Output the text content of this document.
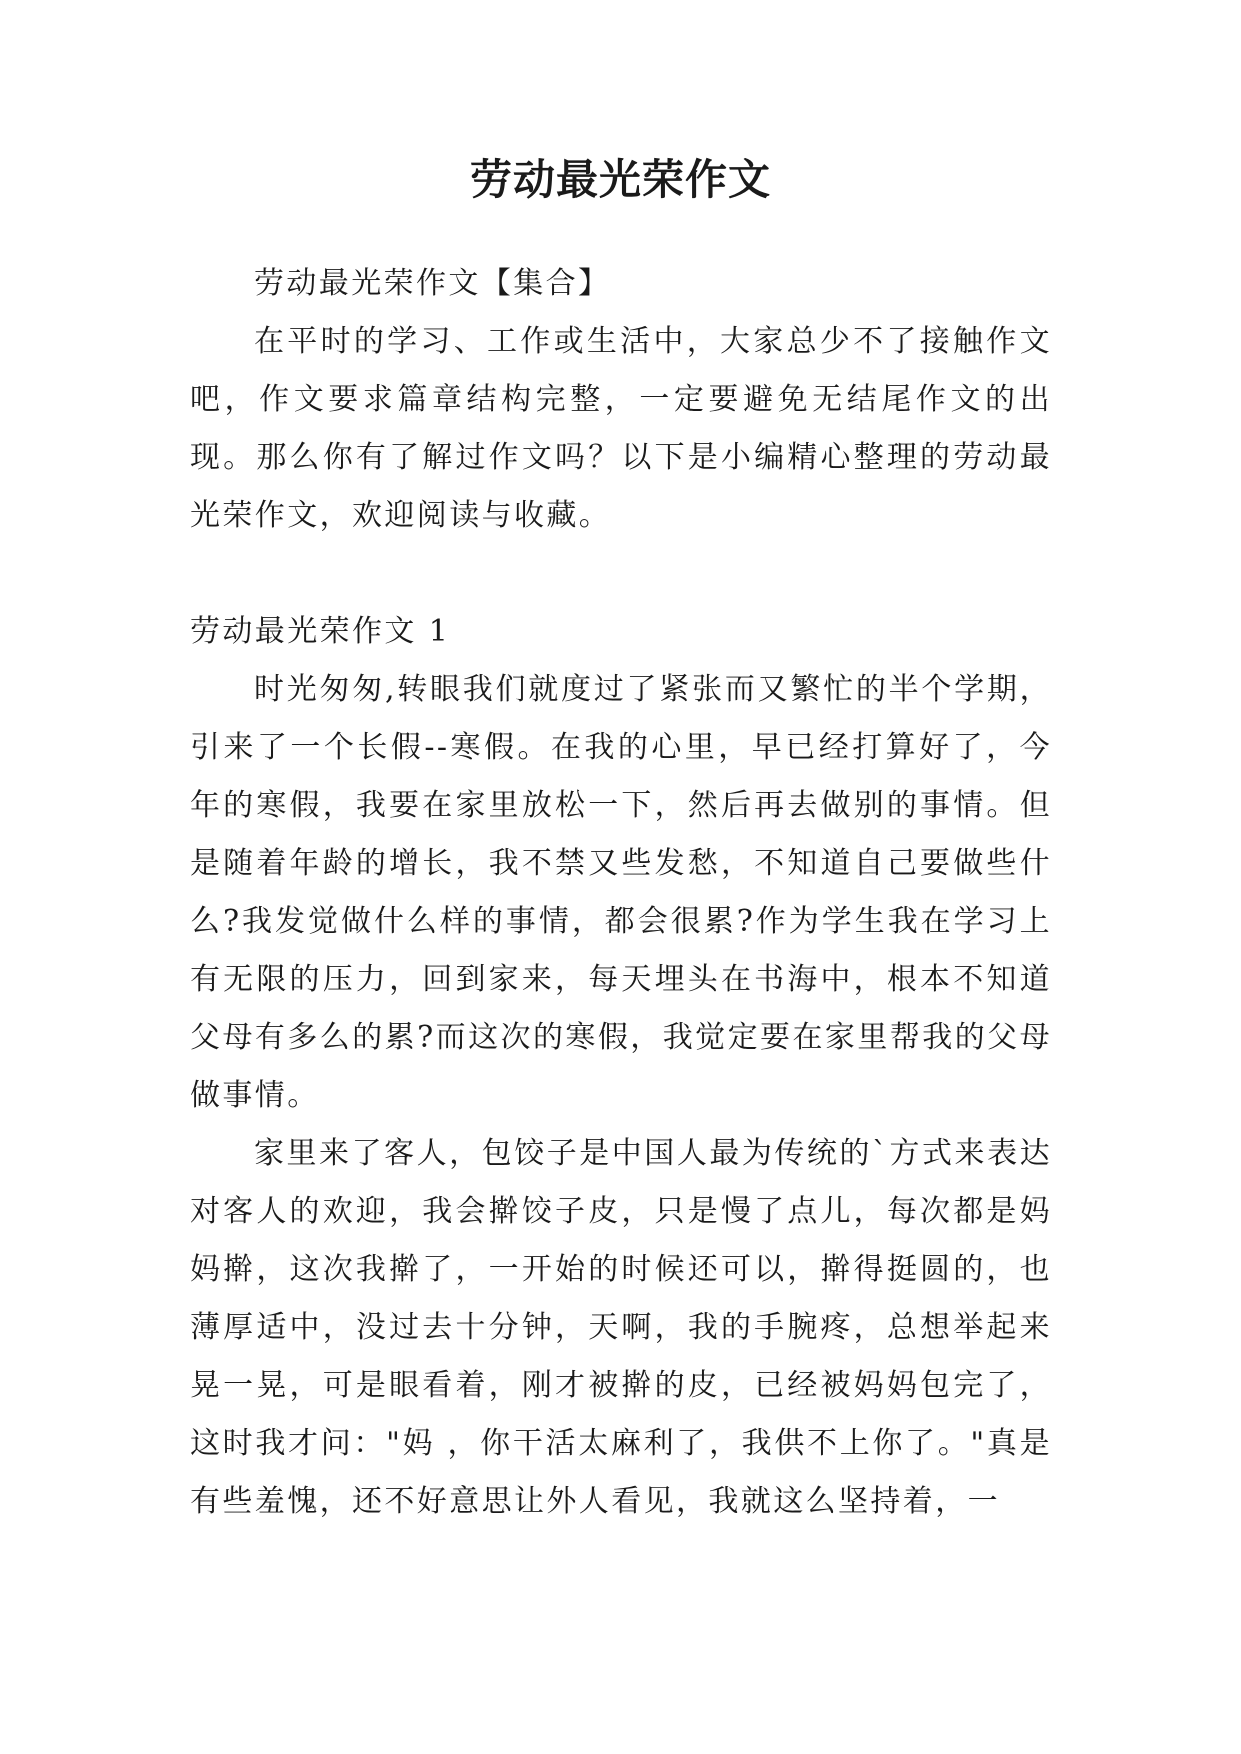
劳动最光荣作文

劳动最光荣作文【集合】

在平时的学习、工作或生活中，大家总少不了接触作文吧，作文要求篇章结构完整，一定要避免无结尾作文的出现。那么你有了解过作文吗？以下是小编精心整理的劳动最光荣作文，欢迎阅读与收藏。

劳动最光荣作文 1

时光匆匆,转眼我们就度过了紧张而又繁忙的半个学期，引来了一个长假--寒假。在我的心里，早已经打算好了，今年的寒假，我要在家里放松一下，然后再去做别的事情。但是随着年龄的增长，我不禁又些发愁，不知道自己要做些什么?我发觉做什么样的事情，都会很累?作为学生我在学习上有无限的压力，回到家来，每天埋头在书海中，根本不知道父母有多么的累?而这次的寒假，我觉定要在家里帮我的父母做事情。

家里来了客人，包饺子是中国人最为传统的`方式来表达对客人的欢迎，我会擀饺子皮，只是慢了点儿，每次都是妈妈擀，这次我擀了，一开始的时候还可以，擀得挺圆的，也薄厚适中，没过去十分钟，天啊，我的手腕疼，总想举起来晃一晃，可是眼看着，刚才被擀的皮，已经被妈妈包完了，这时我才问："妈 ，你干活太麻利了，我供不上你了。"真是有些羞愧，还不好意思让外人看见，我就这么坚持着，一
